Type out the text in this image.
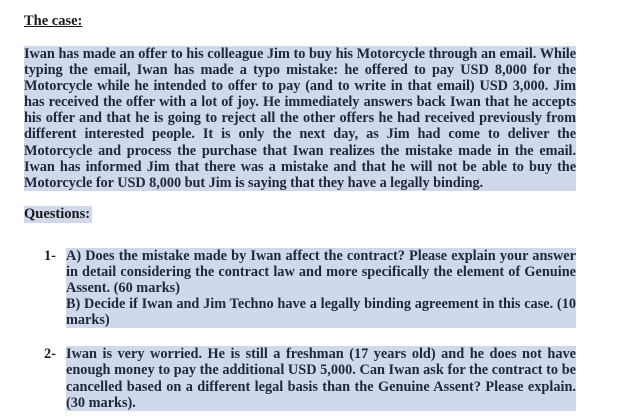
The case:

Iwan has made an offer to his colleague Jim to buy his Motorcycle through an email. While typing the email, Iwan has made a typo mistake: he offered to pay USD 8,000 for the Motorcycle while he intended to offer to pay (and to write in that email) USD 3,000. Jim has received the offer with a lot of joy. He immediately answers back Iwan that he accepts his offer and that he is going to reject all the other offers he had received previously from different interested people. It is only the next day, as Jim had come to deliver the Motorcycle and process the purchase that Iwan realizes the mistake made in the email. Iwan has informed Jim that there was a mistake and that he will not be able to buy the Motorcycle for USD 8,000 but Jim is saying that they have a legally binding.

Questions:
1- A) Does the mistake made by Iwan affect the contract? Please explain your answer in detail considering the contract law and more specifically the element of Genuine Assent. (60 marks)

B) Decide if Iwan and Jim Techno have a legally binding agreement in this case. (10 marks)

2- Iwan is very worried. He is still a freshman (17 years old) and he does not have enough money to pay the additional USD 5,000. Can Iwan ask for the contract to be cancelled based on a different legal basis than the Genuine Assent? Please explain. (30 marks).
